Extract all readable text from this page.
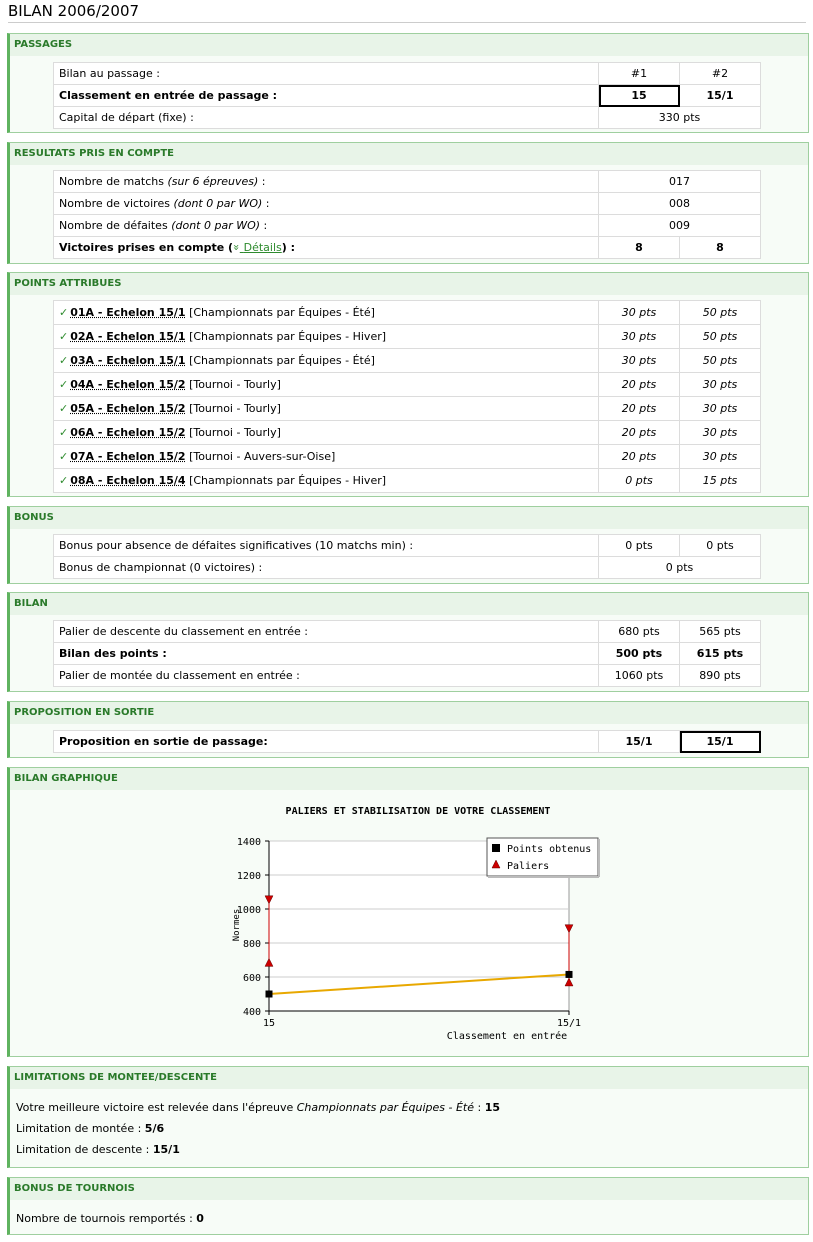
BILAN 2006/2007
PASSAGES
Bilan au passage :	#1	#2
Classement en entrée de passage :	15	15/1
Capital de départ (fixe) :	330 pts	
RESULTATS PRIS EN COMPTE
Nombre de matchs (sur 6 épreuves) :	017	
Nombre de victoires (dont 0 par WO) :	008	
Nombre de défaites (dont 0 par WO) :	009	
Victoires prises en compte (» Détails) :	8	8
POINTS ATTRIBUES
✓ 01A - Echelon 15/1 [Championnats par Équipes - Été]	30 pts	50 pts
✓ 02A - Echelon 15/1 [Championnats par Équipes - Hiver]	30 pts	50 pts
✓ 03A - Echelon 15/1 [Championnats par Équipes - Été]	30 pts	50 pts
✓ 04A - Echelon 15/2 [Tournoi - Tourly]	20 pts	30 pts
✓ 05A - Echelon 15/2 [Tournoi - Tourly]	20 pts	30 pts
✓ 06A - Echelon 15/2 [Tournoi - Tourly]	20 pts	30 pts
✓ 07A - Echelon 15/2 [Tournoi - Auvers-sur-Oise]	20 pts	30 pts
✓ 08A - Echelon 15/4 [Championnats par Équipes - Hiver]	0 pts	15 pts
BONUS
Bonus pour absence de défaites significatives (10 matchs min) :	0 pts	0 pts
Bonus de championnat (0 victoires) :	0 pts	
BILAN
Palier de descente du classement en entrée :	680 pts	565 pts
Bilan des points :	500 pts	615 pts
Palier de montée du classement en entrée :	1060 pts	890 pts
PROPOSITION EN SORTIE
Proposition en sortie de passage:	15/1	15/1
BILAN GRAPHIQUE
PALIERS ET STABILISATION DE VOTRE CLASSEMENT
400
600
800
1000
1200
1400
15	15/1
Classement en entrée
Normes
Points obtenus
Paliers
LIMITATIONS DE MONTEE/DESCENTE
Votre meilleure victoire est relevée dans l'épreuve Championnats par Équipes - Été : 15
Limitation de montée : 5/6
Limitation de descente : 15/1
BONUS DE TOURNOIS
Nombre de tournois remportés : 0
